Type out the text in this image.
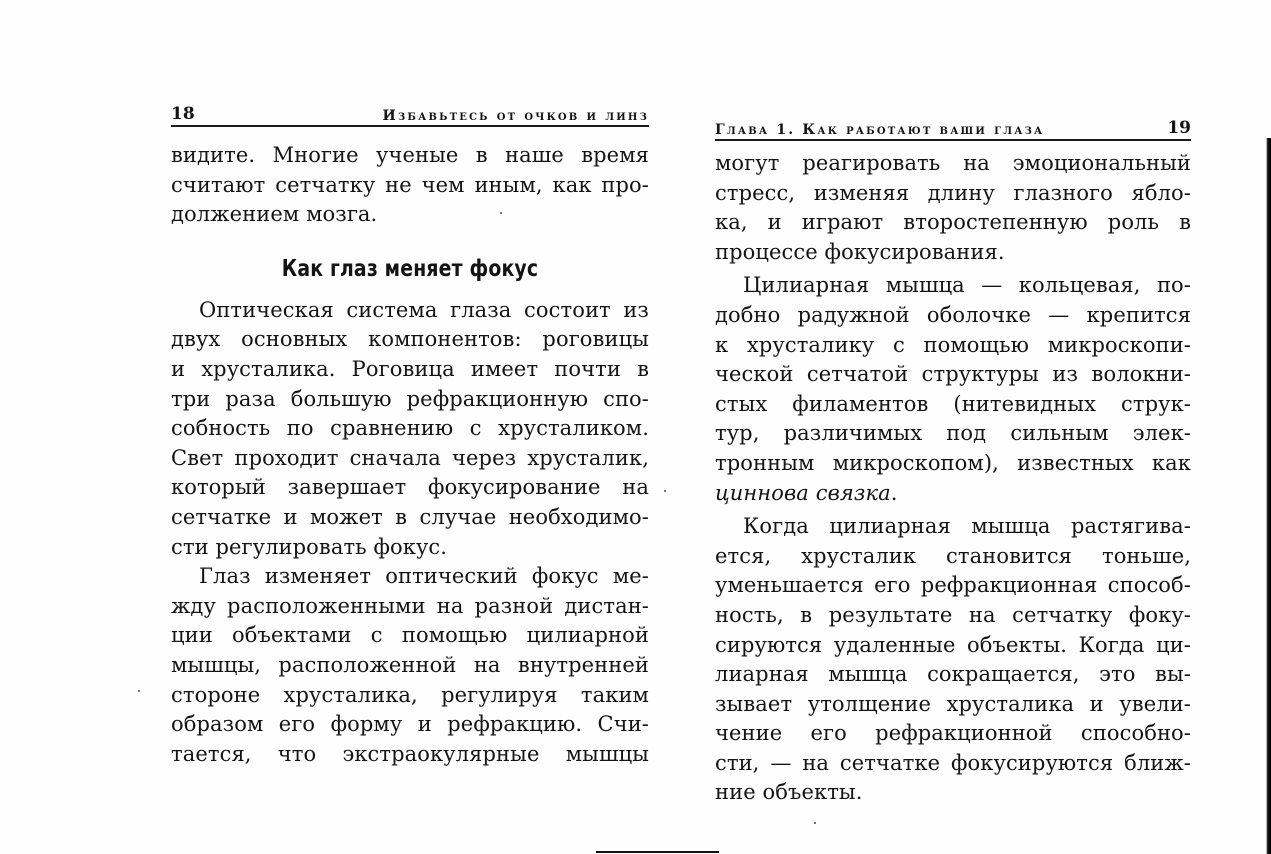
18	Избавьтесь от очков и линз

видите. Многие ученые в наше время
считают сетчатку не чем иным, как про-
должением мозга.

Как глаз меняет фокус

Оптическая система глаза состоит из
двух основных компонентов: роговицы
и хрусталика. Роговица имеет почти в
три раза большую рефракционную спо-
собность по сравнению с хрусталиком.
Свет проходит сначала через хрусталик,
который завершает фокусирование на
сетчатке и может в случае необходимо-
сти регулировать фокус.

Глаз изменяет оптический фокус ме-
жду расположенными на разной дистан-
ции объектами с помощью цилиарной
мышцы, расположенной на внутренней
стороне хрусталика, регулируя таким
образом его форму и рефракцию. Счи-
тается, что экстраокулярные мышцы

Глава 1. Как работают ваши глаза	19

могут реагировать на эмоциональный
стресс, изменяя длину глазного ябло-
ка, и играют второстепенную роль в
процессе фокусирования.

Цилиарная мышца — кольцевая, по-
добно радужной оболочке — крепится
к хрусталику с помощью микроскопи-
ческой сетчатой структуры из волокни-
стых филаментов (нитевидных струк-
тур, различимых под сильным элек-
тронным микроскопом), известных как
циннова связка.

Когда цилиарная мышца растягива-
ется, хрусталик становится тоньше,
уменьшается его рефракционная способ-
ность, в результате на сетчатку фоку-
сируются удаленные объекты. Когда ци-
лиарная мышца сокращается, это вы-
зывает утолщение хрусталика и увели-
чение его рефракционной способно-
сти, — на сетчатке фокусируются ближ-
ние объекты.
